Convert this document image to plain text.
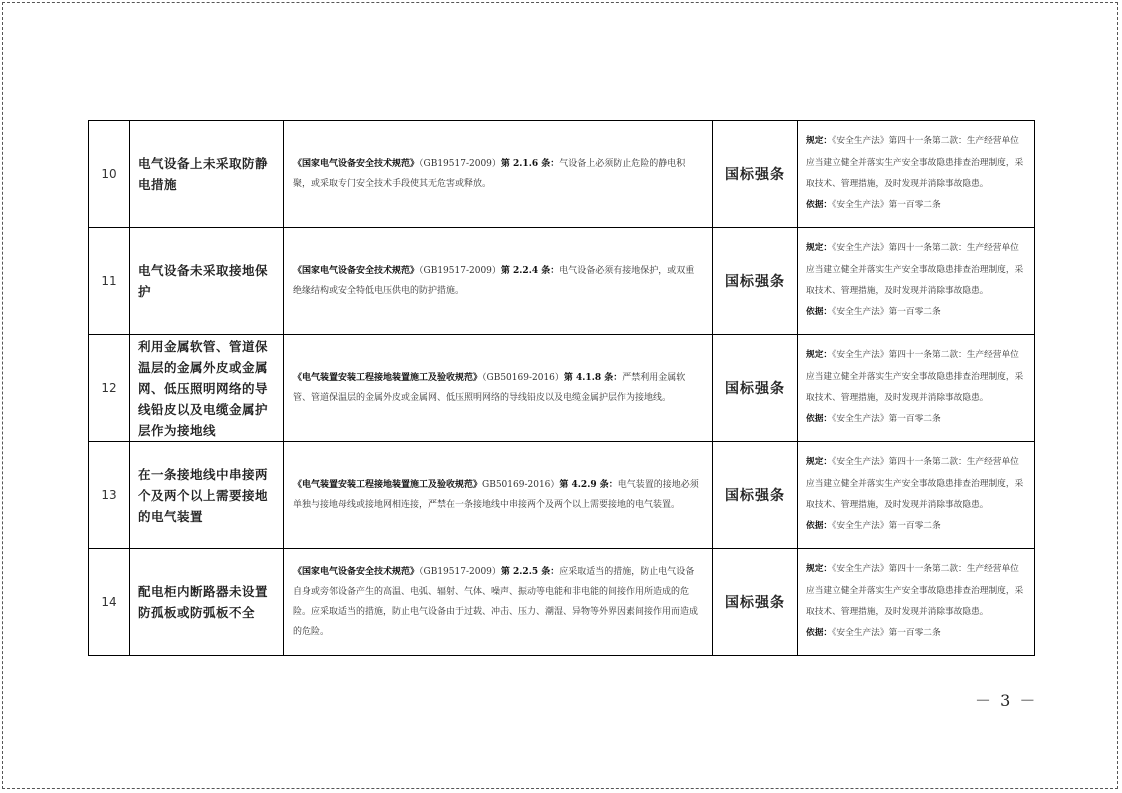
10	电气设备上未采取防静电措施	《国家电气设备安全技术规范》（GB19517-2009）第 2.1.6 条：气设备上必须防止危险的静电积聚，或采取专门安全技术手段使其无危害或释放。	国标强条	规定：《安全生产法》第四十一条第二款：生产经营单位应当建立健全并落实生产安全事故隐患排查治理制度，采取技术、管理措施，及时发现并消除事故隐患。
依据：《安全生产法》第一百零二条

11	电气设备未采取接地保护	《国家电气设备安全技术规范》（GB19517-2009）第 2.2.4 条：电气设备必须有接地保护，或双重绝缘结构或安全特低电压供电的防护措施。	国标强条	规定：《安全生产法》第四十一条第二款：生产经营单位应当建立健全并落实生产安全事故隐患排查治理制度，采取技术、管理措施，及时发现并消除事故隐患。
依据：《安全生产法》第一百零二条

12	利用金属软管、管道保温层的金属外皮或金属网、低压照明网络的导线铅皮以及电缆金属护层作为接地线	《电气装置安装工程接地装置施工及验收规范》（GB50169-2016）第 4.1.8 条：严禁利用金属软管、管道保温层的金属外皮或金属网、低压照明网络的导线铅皮以及电缆金属护层作为接地线。	国标强条	规定：《安全生产法》第四十一条第二款：生产经营单位应当建立健全并落实生产安全事故隐患排查治理制度，采取技术、管理措施，及时发现并消除事故隐患。
依据：《安全生产法》第一百零二条

13	在一条接地线中串接两个及两个以上需要接地的电气装置	《电气装置安装工程接地装置施工及验收规范》GB50169-2016）第 4.2.9 条：电气装置的接地必须单独与接地母线或接地网相连接，严禁在一条接地线中串接两个及两个以上需要接地的电气装置。	国标强条	规定：《安全生产法》第四十一条第二款：生产经营单位应当建立健全并落实生产安全事故隐患排查治理制度，采取技术、管理措施，及时发现并消除事故隐患。
依据：《安全生产法》第一百零二条

14	配电柜内断路器未设置防孤板或防弧板不全	《国家电气设备安全技术规范》（GB19517-2009）第 2.2.5 条：应采取适当的措施，防止电气设备自身或旁邻设备产生的高温、电弧、辐射、气体、噪声、振动等电能和非电能的间接作用所造成的危险。应采取适当的措施，防止电气设备由于过载、冲击、压力、潮湿、异物等外界因素间接作用而造成的危险。	国标强条	规定：《安全生产法》第四十一条第二款：生产经营单位应当建立健全并落实生产安全事故隐患排查治理制度，采取技术、管理措施，及时发现并消除事故隐患。
依据：《安全生产法》第一百零二条
－ 3 －
